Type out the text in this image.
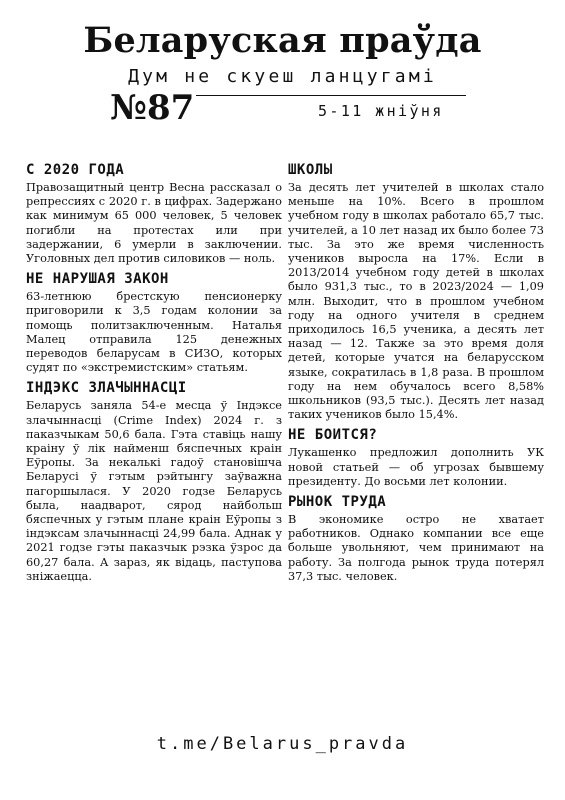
Беларуская праўда
Дум не скуеш ланцугамі
№87	5-11 жніўня
С 2020 ГОДА

Правозащитный центр Весна рассказал о репрессиях с 2020 г. в цифрах. Задержано как минимум 65 000 человек, 5 человек погибли на протестах или при задержании, 6 умерли в заключении. Уголовных дел против силовиков — ноль.

НЕ НАРУШАЯ ЗАКОН

63-летнюю брестскую пенсионерку приговорили к 3,5 годам колонии за помощь политзаключенным. Наталья Малец отправила 125 денежных переводов беларусам в СИЗО, которых судят по «экстремистским» статьям.

ІНДЭКС ЗЛАЧЫННАСЦІ

Беларусь заняла 54-е месца ў Індэксе злачыннасці (Crime Index) 2024 г. з паказчыкам 50,6 бала. Гэта ставіць нашу краіну ў лік найменш бяспечных краін Еўропы. За некалькі гадоў становішча Беларусі ў гэтым рэйтынгу заўважна пагоршылася. У 2020 годзе Беларусь была, наадварот, сярод найбольш бяспечных у гэтым плане краін Еўропы з індэксам злачыннасці 24,99 бала. Аднак у 2021 годзе гэты паказчык рэзка ўзрос да 60,27 бала. А зараз, як відаць, паступова зніжаецца.

ШКОЛЫ

За десять лет учителей в школах стало меньше на 10%. Всего в прошлом учебном году в школах работало 65,7 тыс. учителей, а 10 лет назад их было более 73 тыс. За это же время численность учеников выросла на 17%. Если в 2013/2014 учебном году детей в школах было 931,3 тыс., то в 2023/2024 — 1,09 млн. Выходит, что в прошлом учебном году на одного учителя в среднем приходилось 16,5 ученика, а десять лет назад — 12. Также за это время доля детей, которые учатся на беларусском языке, сократилась в 1,8 раза. В прошлом году на нем обучалось всего 8,58% школьников (93,5 тыс.). Десять лет назад таких учеников было 15,4%.

НЕ БОИТСЯ?

Лукашенко предложил дополнить УК новой статьей — об угрозах бывшему президенту. До восьми лет колонии.

РЫНОК ТРУДА

В экономике остро не хватает работников. Однако компании все еще больше увольняют, чем принимают на работу. За полгода рынок труда потерял 37,3 тыс. человек.

t.me/Belarus_pravda
